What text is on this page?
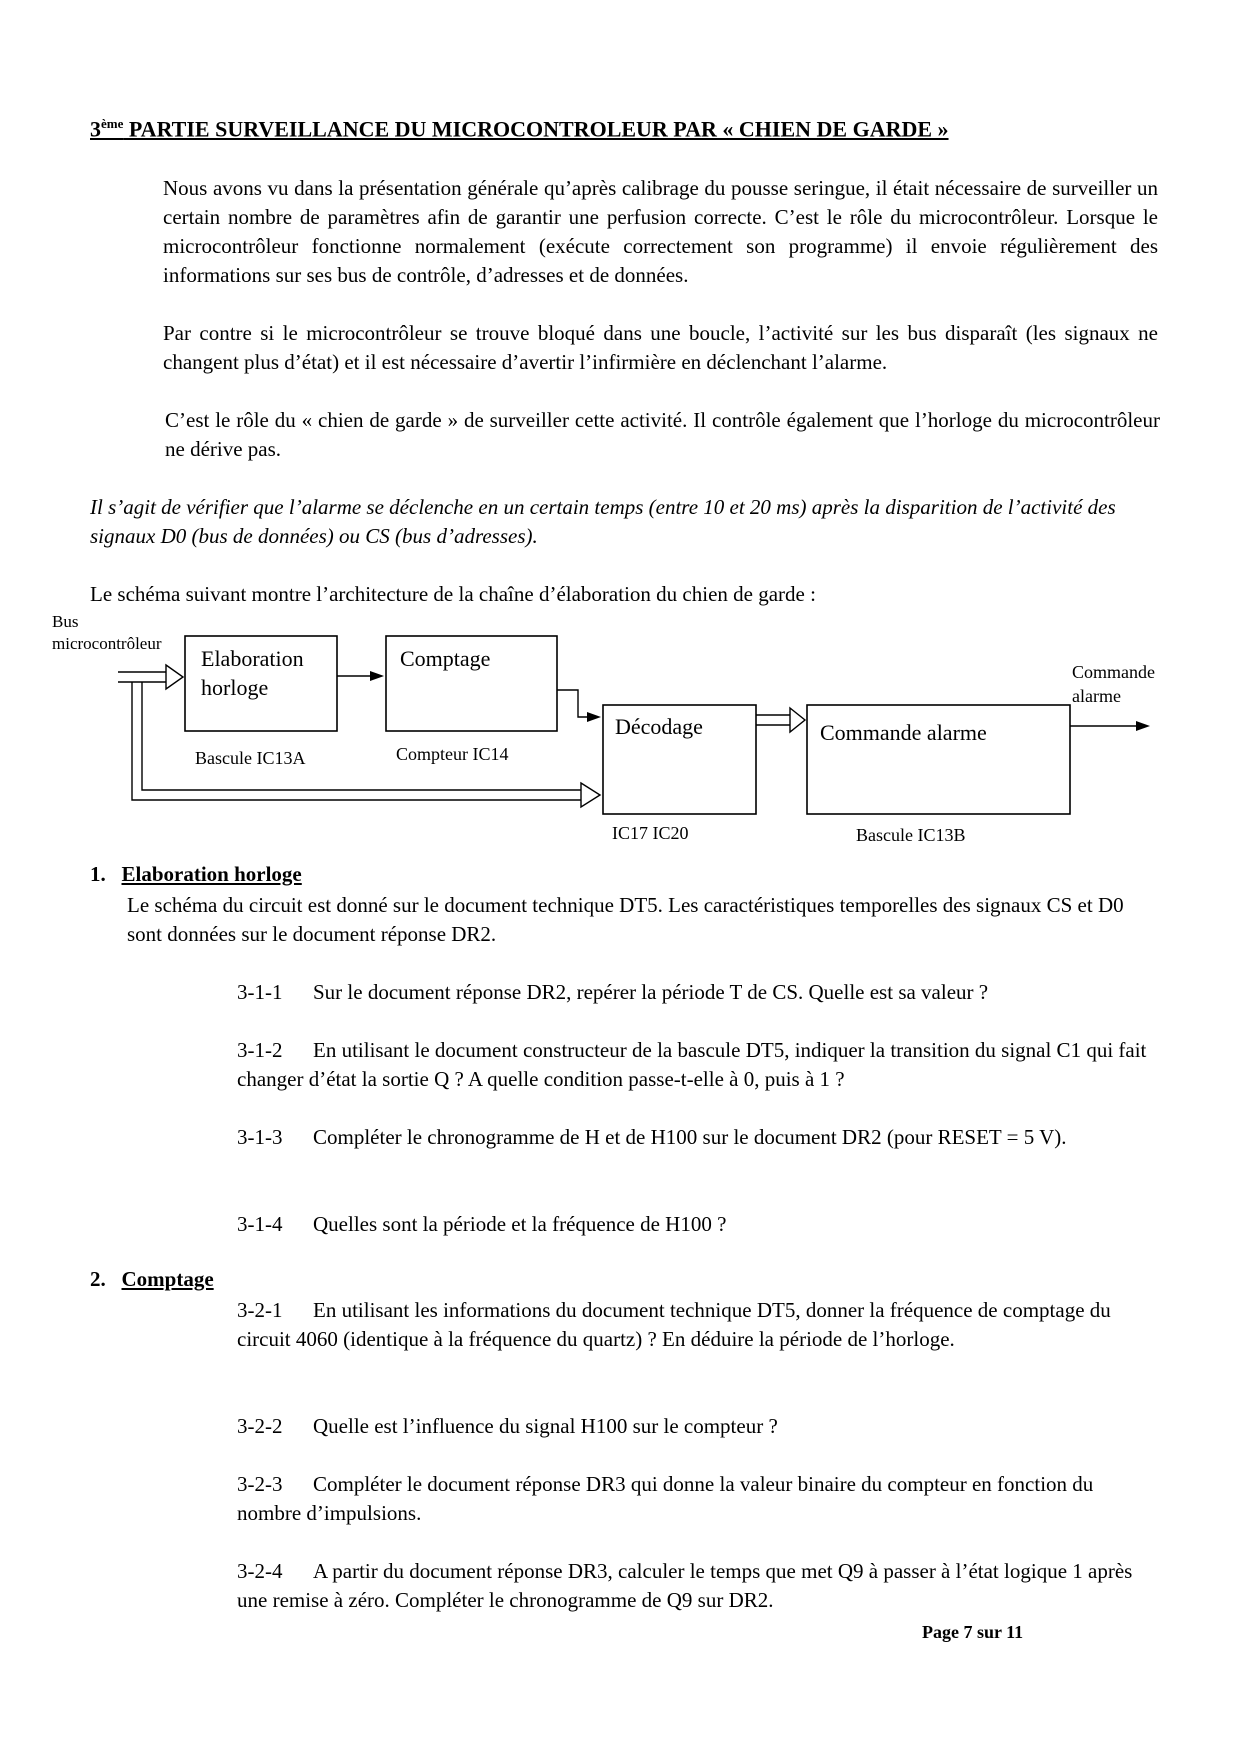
3ème PARTIE SURVEILLANCE DU MICROCONTROLEUR PAR « CHIEN DE GARDE »
Nous avons vu dans la présentation générale qu’après calibrage du pousse seringue, il était nécessaire de surveiller un certain nombre de paramètres afin de garantir une perfusion correcte. C’est le rôle du microcontrôleur. Lorsque le microcontrôleur fonctionne normalement (exécute correctement son programme) il envoie régulièrement des informations sur ses bus de contrôle, d’adresses et de données.
Par contre si le microcontrôleur se trouve bloqué dans une boucle, l’activité sur les bus disparaît (les signaux ne changent plus d’état) et il est nécessaire d’avertir l’infirmière en déclenchant l’alarme.
C’est le rôle du « chien de garde » de surveiller cette activité. Il contrôle également que l’horloge du microcontrôleur ne dérive pas.
Il s’agit de vérifier que l’alarme se déclenche en un certain temps (entre 10 et 20 ms) après la disparition de l’activité des signaux D0 (bus de données) ou CS (bus d’adresses).
Le schéma suivant montre l’architecture de la chaîne d’élaboration du chien de garde :
Bus
microcontrôleur
Elaboration
horloge
Comptage
Décodage	Commande alarme
Commande
alarme
Bascule IC13A	Compteur IC14
IC17 IC20	Bascule IC13B
1. Elaboration horloge
Le schéma du circuit est donné sur le document technique DT5. Les caractéristiques temporelles des signaux CS et D0 sont données sur le document réponse DR2.
3-1-1 Sur le document réponse DR2, repérer la période T de CS. Quelle est sa valeur ?
3-1-2 En utilisant le document constructeur de la bascule DT5, indiquer la transition du signal C1 qui fait changer d’état la sortie Q ? A quelle condition passe-t-elle à 0, puis à 1 ?
3-1-3 Compléter le chronogramme de H et de H100 sur le document DR2 (pour RESET = 5 V).
3-1-4 Quelles sont la période et la fréquence de H100 ?
2. Comptage
3-2-1 En utilisant les informations du document technique DT5, donner la fréquence de comptage du circuit 4060 (identique à la fréquence du quartz) ? En déduire la période de l’horloge.
3-2-2 Quelle est l’influence du signal H100 sur le compteur ?
3-2-3 Compléter le document réponse DR3 qui donne la valeur binaire du compteur en fonction du nombre d’impulsions.
3-2-4 A partir du document réponse DR3, calculer le temps que met Q9 à passer à l’état logique 1 après une remise à zéro. Compléter le chronogramme de Q9 sur DR2.
Page 7 sur 11
